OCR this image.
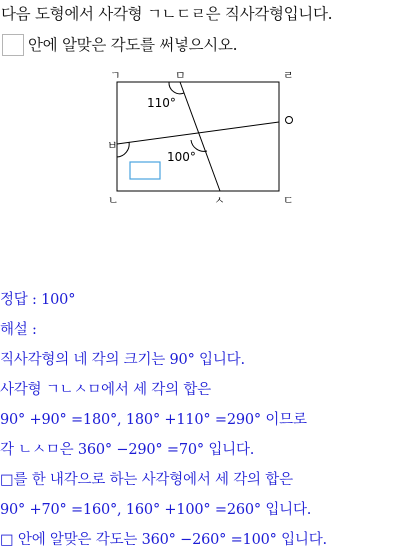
다음 도형에서 사각형 ㄱㄴㄷㄹ은 직사각형입니다.
안에 알맞은 각도를 써넣으시오.
ㄱ	ㅁ	ㄹ
ㅂ
ㄴ	ㅅ	ㄷ
110°
100°
정답 : 100°
해설 :
직사각형의 네 각의 크기는 90° 입니다.
사각형 ㄱㄴㅅㅁ에서 세 각의 합은
90° +90° =180°, 180° +110° =290° 이므로
각 ㄴㅅㅁ은 360° −290° =70° 입니다.
□를 한 내각으로 하는 사각형에서 세 각의 합은
90° +70° =160°, 160° +100° =260° 입니다.
□ 안에 알맞은 각도는 360° −260° =100° 입니다.
